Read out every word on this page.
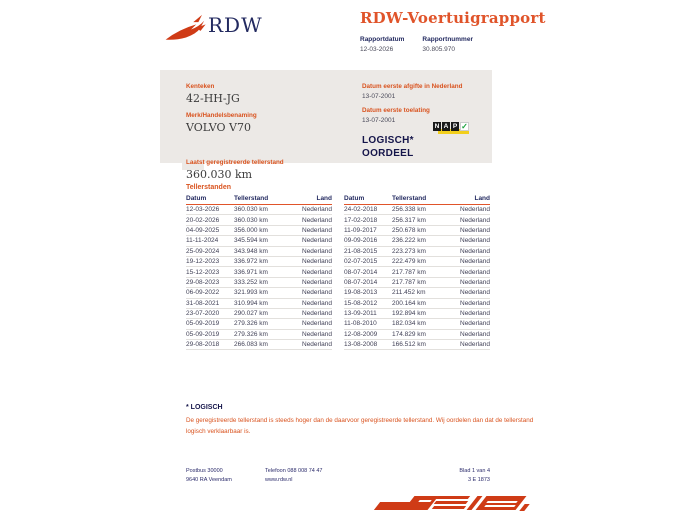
RDW	RDW-Voertuigrapport
Rapportdatum
12-03-2026
Rapportnummer
30.805.970
Kenteken
42-HH-JG
Merk/Handelsbenaming
VOLVO V70
Laatst geregistreerde tellerstand
360.030 km
Datum eerste afgifte in Nederland
13-07-2001
Datum eerste toelating
13-07-2001
LOGISCH*
OORDEEL
N A P ✓
Tellerstanden
Datum	Tellerstand	Land
12-03-2026	360.030 km	Nederland
20-02-2026	360.030 km	Nederland
04-09-2025	356.000 km	Nederland
11-11-2024	345.594 km	Nederland
25-09-2024	343.948 km	Nederland
19-12-2023	336.972 km	Nederland
15-12-2023	336.971 km	Nederland
29-08-2023	333.252 km	Nederland
06-09-2022	321.993 km	Nederland
31-08-2021	310.994 km	Nederland
23-07-2020	290.027 km	Nederland
05-09-2019	279.326 km	Nederland
05-09-2019	279.326 km	Nederland
29-08-2018	266.083 km	Nederland
Datum	Tellerstand	Land
24-02-2018	256.338 km	Nederland
17-02-2018	256.317 km	Nederland
11-09-2017	250.678 km	Nederland
09-09-2016	236.222 km	Nederland
21-08-2015	223.273 km	Nederland
02-07-2015	222.479 km	Nederland
08-07-2014	217.787 km	Nederland
08-07-2014	217.787 km	Nederland
19-08-2013	211.452 km	Nederland
15-08-2012	200.164 km	Nederland
13-09-2011	192.894 km	Nederland
11-08-2010	182.034 km	Nederland
12-08-2009	174.829 km	Nederland
13-08-2008	166.512 km	Nederland
* LOGISCH
De geregistreerde tellerstand is steeds hoger dan de daarvoor geregistreerde tellerstand. Wij oordelen dan dat de tellerstand logisch verklaarbaar is.
Postbus 30000
9640 RA Veendam
Telefoon 088 008 74 47
www.rdw.nl
Blad 1 van 4
3 E 1873
